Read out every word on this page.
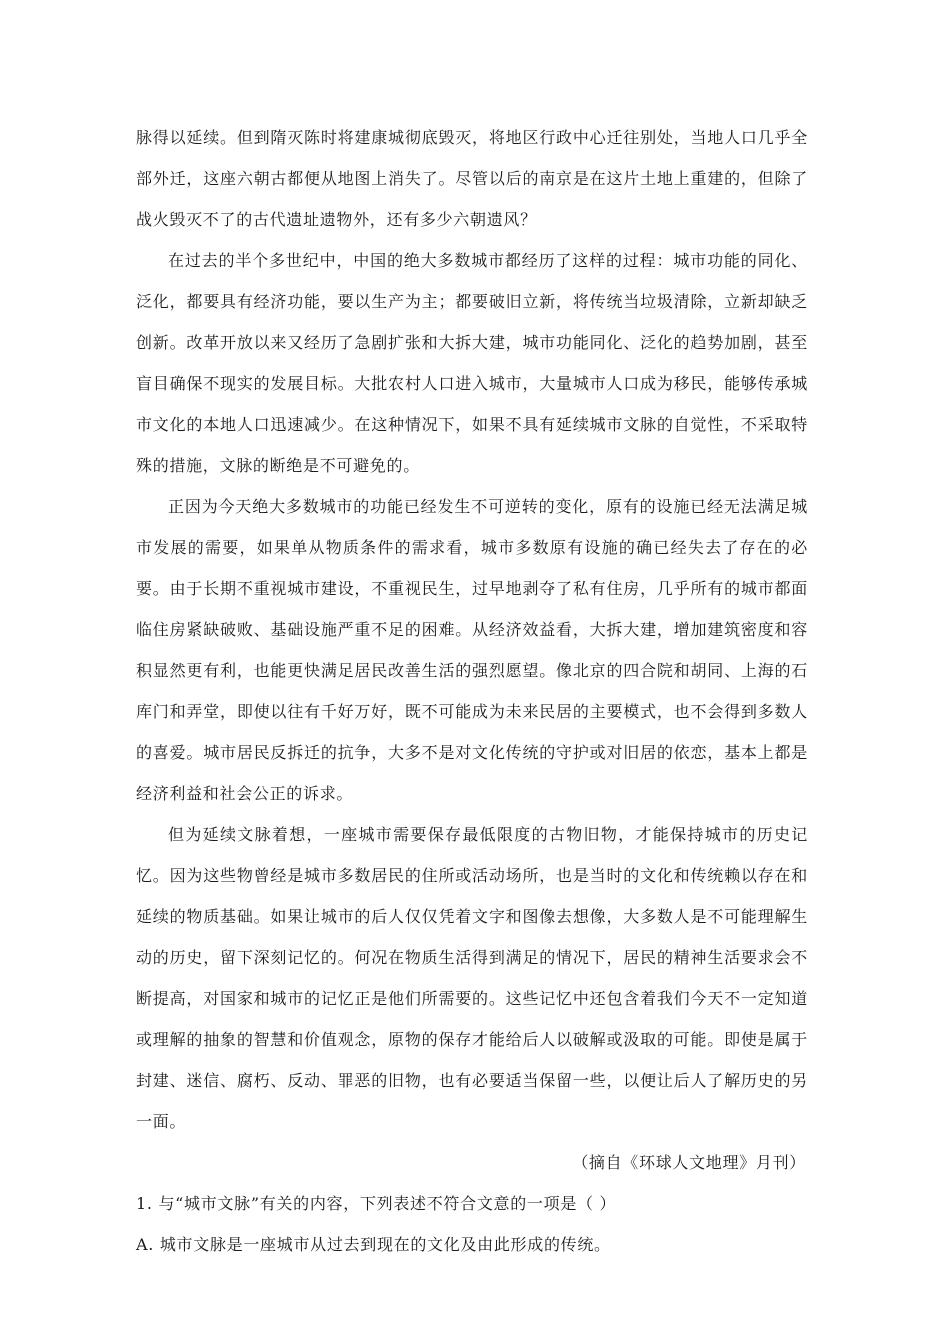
脉得以延续。但到隋灭陈时将建康城彻底毁灭，将地区行政中心迁往别处，当地人口几乎全部外迁，这座六朝古都便从地图上消失了。尽管以后的南京是在这片土地上重建的，但除了战火毁灭不了的古代遗址遗物外，还有多少六朝遗风？

在过去的半个多世纪中，中国的绝大多数城市都经历了这样的过程：城市功能的同化、泛化，都要具有经济功能，要以生产为主；都要破旧立新，将传统当垃圾清除，立新却缺乏创新。改革开放以来又经历了急剧扩张和大拆大建，城市功能同化、泛化的趋势加剧，甚至盲目确保不现实的发展目标。大批农村人口进入城市，大量城市人口成为移民，能够传承城市文化的本地人口迅速减少。在这种情况下，如果不具有延续城市文脉的自觉性，不采取特殊的措施，文脉的断绝是不可避免的。

正因为今天绝大多数城市的功能已经发生不可逆转的变化，原有的设施已经无法满足城市发展的需要，如果单从物质条件的需求看，城市多数原有设施的确已经失去了存在的必要。由于长期不重视城市建设，不重视民生，过早地剥夺了私有住房，几乎所有的城市都面临住房紧缺破败、基础设施严重不足的困难。从经济效益看，大拆大建，增加建筑密度和容积显然更有利，也能更快满足居民改善生活的强烈愿望。像北京的四合院和胡同、上海的石库门和弄堂，即使以往有千好万好，既不可能成为未来民居的主要模式，也不会得到多数人的喜爱。城市居民反拆迁的抗争，大多不是对文化传统的守护或对旧居的依恋，基本上都是经济利益和社会公正的诉求。

但为延续文脉着想，一座城市需要保存最低限度的古物旧物，才能保持城市的历史记忆。因为这些物曾经是城市多数居民的住所或活动场所，也是当时的文化和传统赖以存在和延续的物质基础。如果让城市的后人仅仅凭着文字和图像去想像，大多数人是不可能理解生动的历史，留下深刻记忆的。何况在物质生活得到满足的情况下，居民的精神生活要求会不断提高，对国家和城市的记忆正是他们所需要的。这些记忆中还包含着我们今天不一定知道或理解的抽象的智慧和价值观念，原物的保存才能给后人以破解或汲取的可能。即使是属于封建、迷信、腐朽、反动、罪恶的旧物，也有必要适当保留一些，以便让后人了解历史的另一面。

（摘自《环球人文地理》月刊）

1. 与“城市文脉”有关的内容，下列表述不符合文意的一项是（ ）

A. 城市文脉是一座城市从过去到现在的文化及由此形成的传统。
